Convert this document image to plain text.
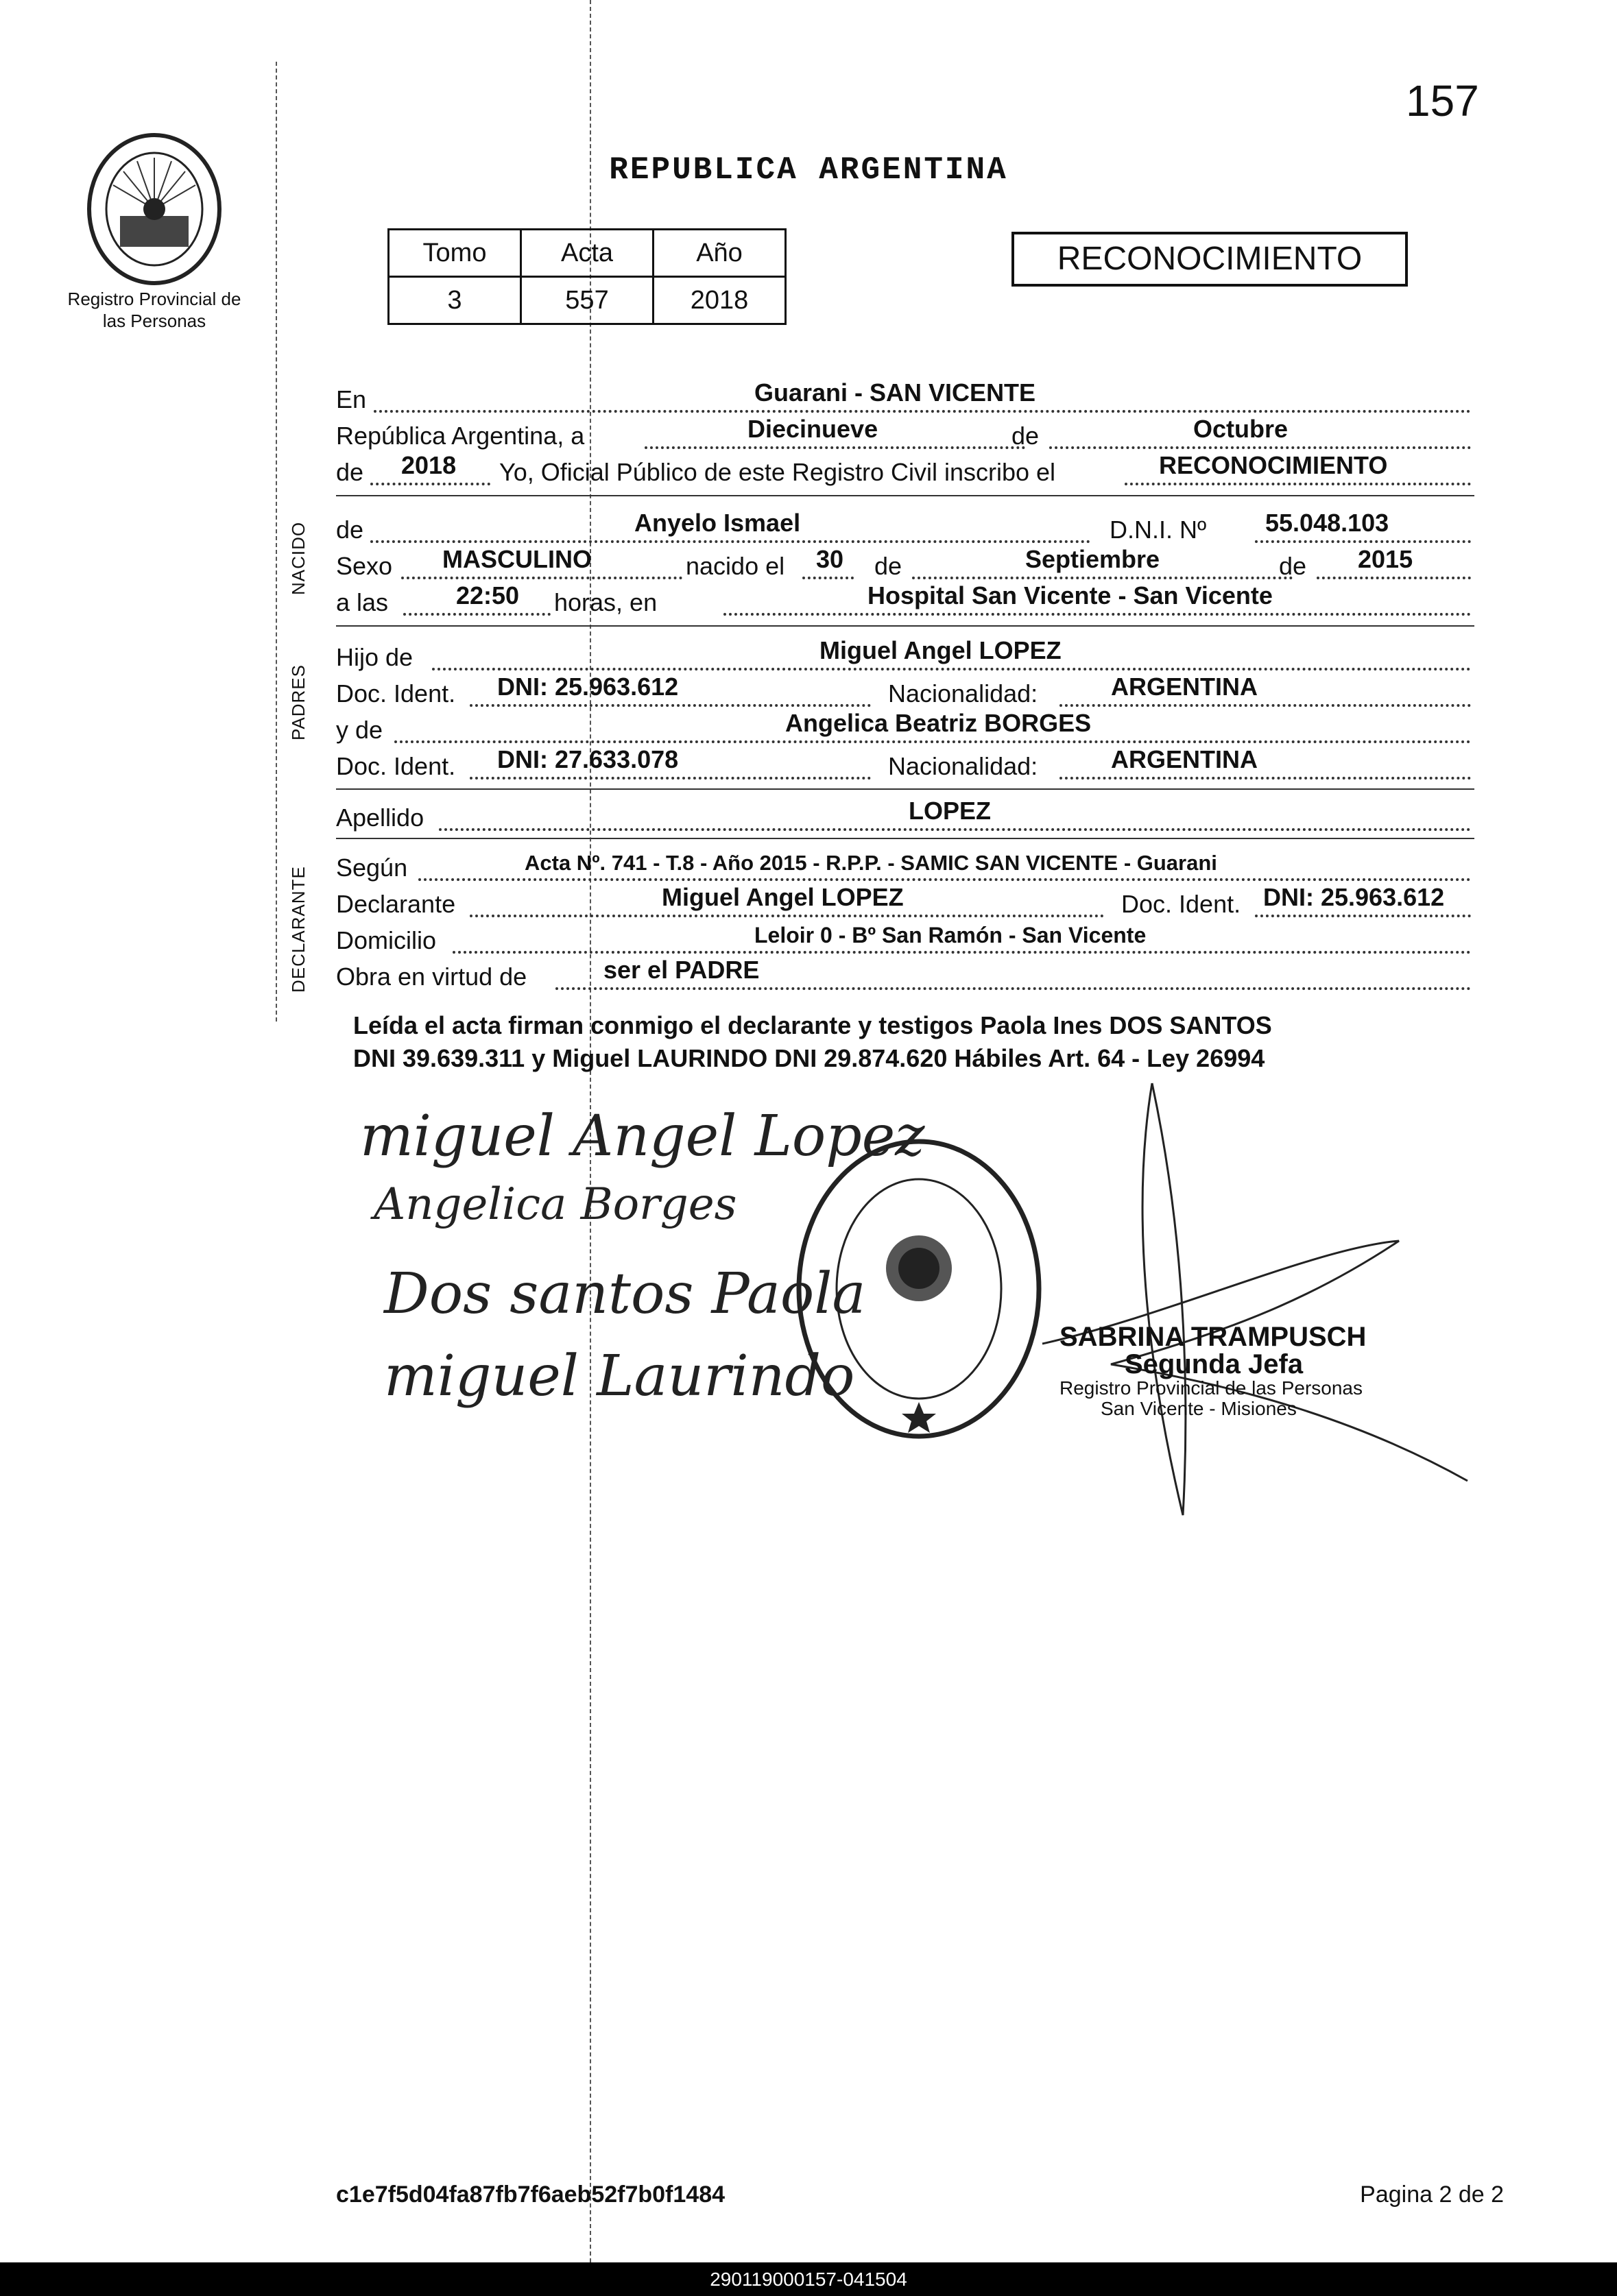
157
Registro Provincial de las Personas
REPUBLICA ARGENTINA
Tomo	Acta	Año
3	557	2018
RECONOCIMIENTO
En	Guarani - SAN VICENTE
República Argentina, a	Diecinueve	de	Octubre
de 2018 Yo, Oficial Público de este Registro Civil inscribo el	RECONOCIMIENTO
de	Anyelo Ismael	D.N.I. Nº 55.048.103
Sexo MASCULINO	nacido el 30 de	Septiembre	de 2015
a las	22:50 horas, en	Hospital San Vicente - San Vicente
Hijo de	Miguel Angel LOPEZ
Doc. Ident. DNI: 25.963.612	Nacionalidad:	ARGENTINA
y de	Angelica Beatriz BORGES
Doc. Ident. DNI: 27.633.078	Nacionalidad:	ARGENTINA
Apellido	LOPEZ
Según	Acta Nº. 741 - T.8 - Año 2015 - R.P.P. - SAMIC SAN VICENTE - Guarani
Declarante	Miguel Angel LOPEZ	Doc. Ident. DNI: 25.963.612
Domicilio	Leloir 0 - Bº San Ramón - San Vicente
Obra en virtud de	ser el PADRE
NACIDO
PADRES
DECLARANTE
Leída el acta firman conmigo el declarante y testigos Paola Ines DOS SANTOS
DNI 39.639.311 y Miguel LAURINDO DNI 29.874.620 Hábiles Art. 64 - Ley 26994
miguel Angel Lopez
Angelica Borges
Dos santos Paola
miguel Laurindo
SABRINA TRAMPUSCH
Segunda Jefa
Registro Provincial de las Personas
San Vicente - Misiones
c1e7f5d04fa87fb7f6aeb52f7b0f1484	Pagina 2 de 2
290119000157-041504
